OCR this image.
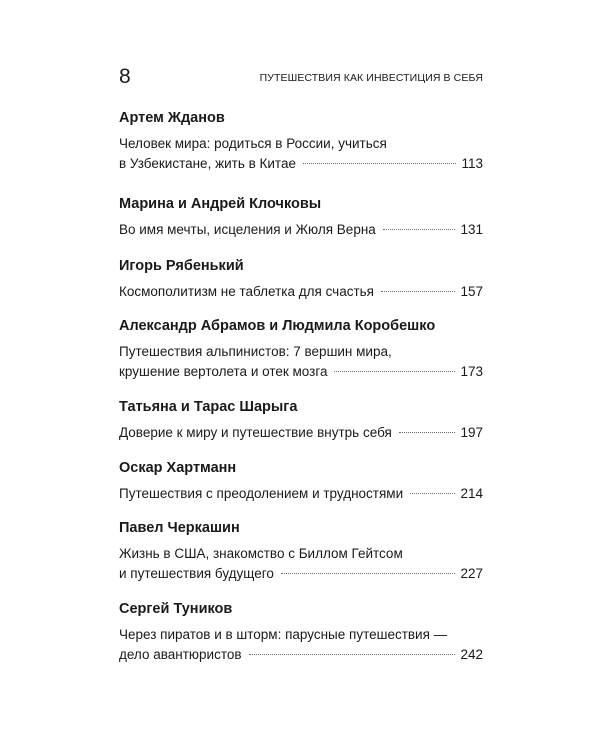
8	ПУТЕШЕСТВИЯ КАК ИНВЕСТИЦИЯ В СЕБЯ
Артем Жданов
Человек мира: родиться в России, учиться
в Узбекистане, жить в Китае	113
Марина и Андрей Клочковы
Во имя мечты, исцеления и Жюля Верна	131
Игорь Рябенький
Космополитизм не таблетка для счастья	157
Александр Абрамов и Людмила Коробешко
Путешествия альпинистов: 7 вершин мира,
крушение вертолета и отек мозга	173
Татьяна и Тарас Шарыга
Доверие к миру и путешествие внутрь себя	197
Оскар Хартманн
Путешествия с преодолением и трудностями	214
Павел Черкашин
Жизнь в США, знакомство с Биллом Гейтсом
и путешествия будущего	227
Сергей Туников
Через пиратов и в шторм: парусные путешествия —
дело авантюристов	242
